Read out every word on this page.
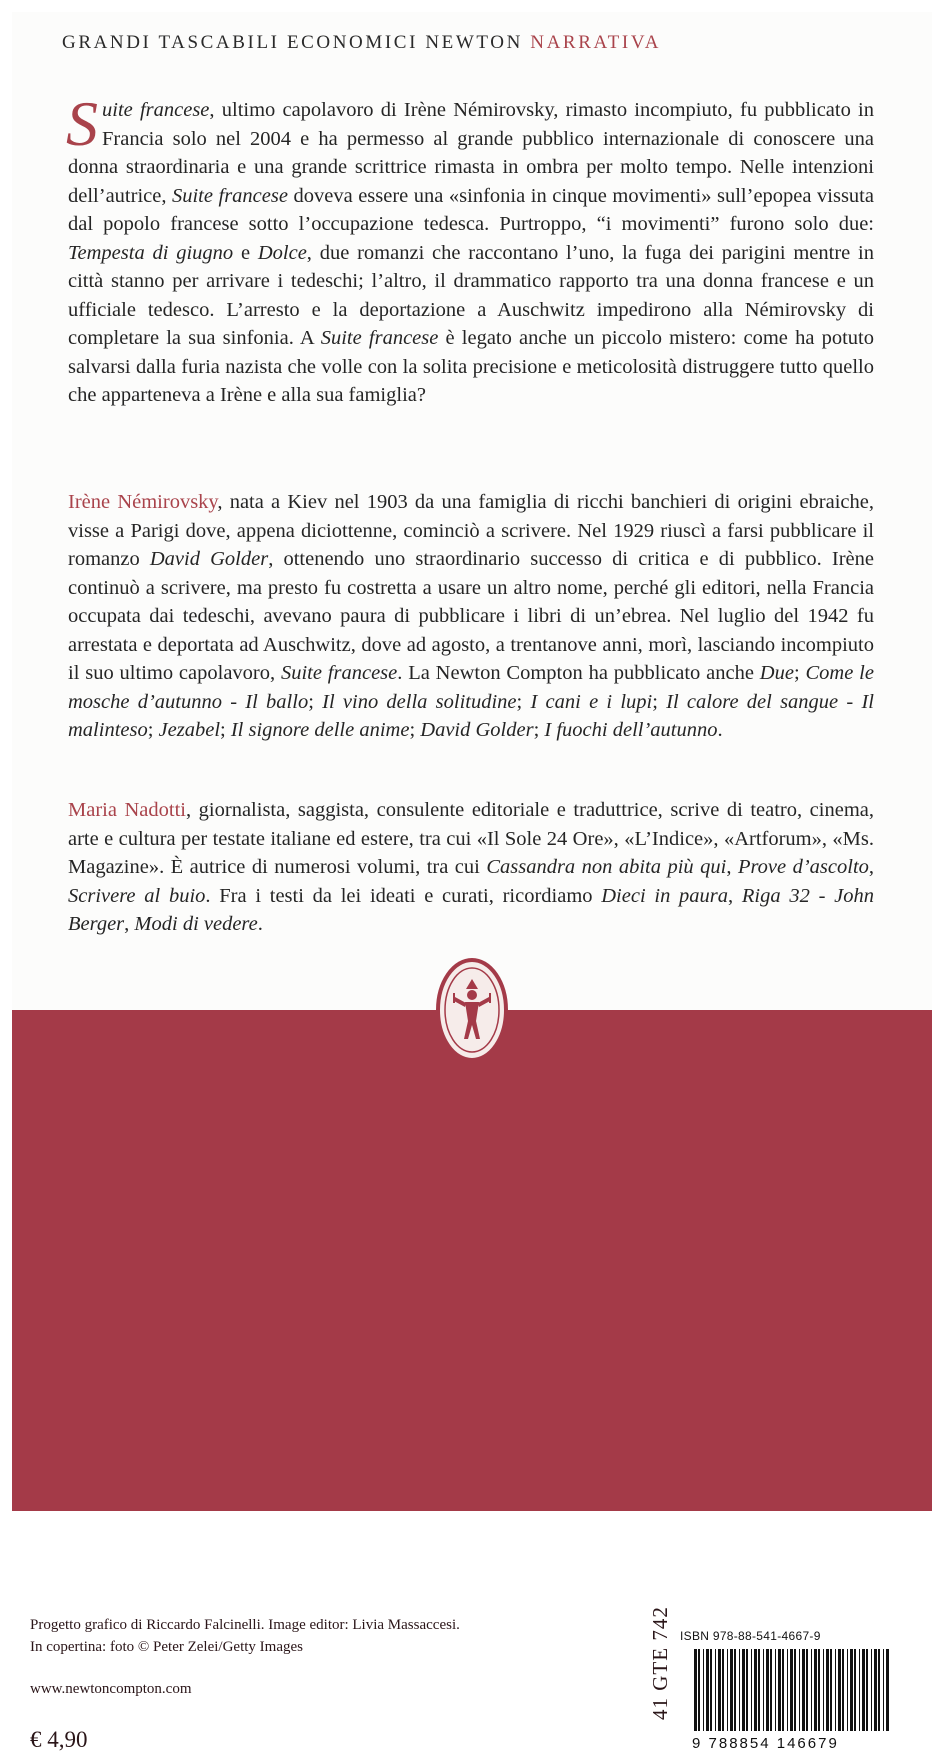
GRANDI TASCABILI ECONOMICI NEWTON NARRATIVA

Suite francese, ultimo capolavoro di Irène Némirovsky, rimasto incompiuto, fu pubblicato in Francia solo nel 2004 e ha permesso al grande pubblico internazionale di conoscere una donna straordinaria e una grande scrittrice rimasta in ombra per molto tempo. Nelle intenzioni dell’autrice, Suite francese doveva essere una «sinfonia in cinque movimenti» sull’epopea vissuta dal popolo francese sotto l’occupazione tedesca. Purtroppo, “i movimenti” furono solo due: Tempesta di giugno e Dolce, due romanzi che raccontano l’uno, la fuga dei parigini mentre in città stanno per arrivare i tedeschi; l’altro, il drammatico rapporto tra una donna francese e un ufficiale tedesco. L’arresto e la deportazione a Auschwitz impedirono alla Némirovsky di completare la sua sinfonia. A Suite francese è legato anche un piccolo mistero: come ha potuto salvarsi dalla furia nazista che volle con la solita precisione e meticolosità distruggere tutto quello che apparteneva a Irène e alla sua famiglia?

Irène Némirovsky, nata a Kiev nel 1903 da una famiglia di ricchi banchieri di origini ebraiche, visse a Parigi dove, appena diciottenne, cominciò a scrivere. Nel 1929 riuscì a farsi pubblicare il romanzo David Golder, ottenendo uno straordinario successo di critica e di pubblico. Irène continuò a scrivere, ma presto fu costretta a usare un altro nome, perché gli editori, nella Francia occupata dai tedeschi, avevano paura di pubblicare i libri di un’ebrea. Nel luglio del 1942 fu arrestata e deportata ad Auschwitz, dove ad agosto, a trentanove anni, morì, lasciando incompiuto il suo ultimo capolavoro, Suite francese. La Newton Compton ha pubblicato anche Due; Come le mosche d’autunno - Il ballo; Il vino della solitudine; I cani e i lupi; Il calore del sangue - Il malinteso; Jezabel; Il signore delle anime; David Golder; I fuochi dell’autunno.

Maria Nadotti, giornalista, saggista, consulente editoriale e traduttrice, scrive di teatro, cinema, arte e cultura per testate italiane ed estere, tra cui «Il Sole 24 Ore», «L’Indice», «Artforum», «Ms. Magazine». È autrice di numerosi volumi, tra cui Cassandra non abita più qui, Prove d’ascolto, Scrivere al buio. Fra i testi da lei ideati e curati, ricordiamo Dieci in paura, Riga 32 - John Berger, Modi di vedere.

Progetto grafico di Riccardo Falcinelli. Image editor: Livia Massaccesi.
In copertina: foto © Peter Zelei/Getty Images
www.newtoncompton.com
€ 4,90
41 GTE 742 ISBN 978-88-541-4667-9
9 788854 146679
